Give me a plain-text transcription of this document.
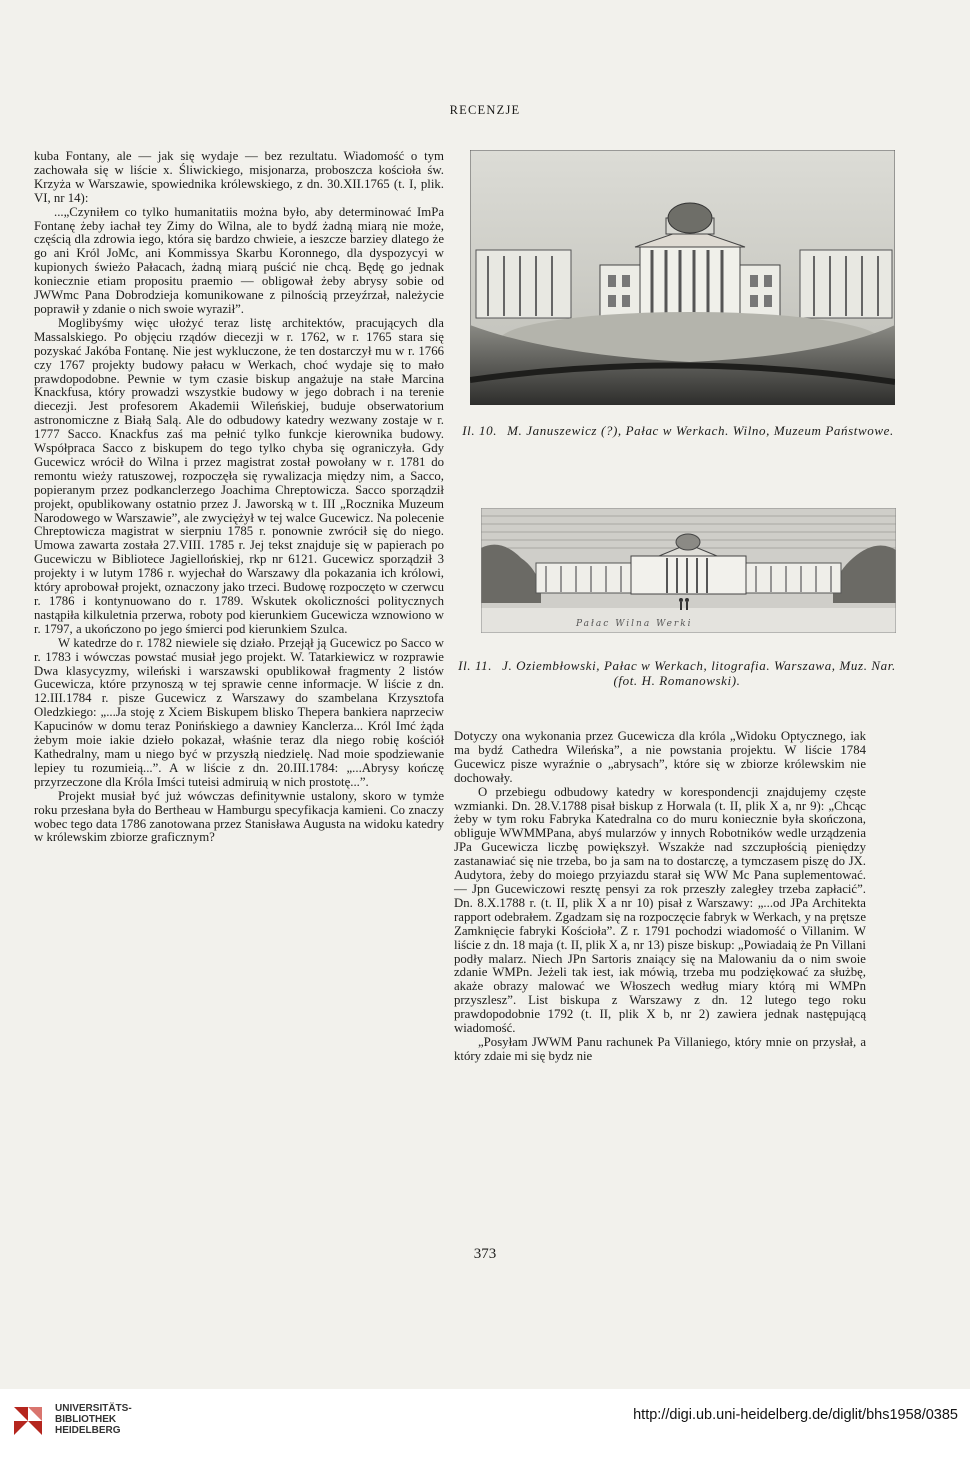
RECENZJE

kuba Fontany, ale — jak się wydaje — bez rezultatu. Wiadomość o tym zachowała się w liście x. Śliwickiego, misjonarza, proboszcza kościoła św. Krzyża w Warszawie, spowiednika królewskiego, z dn. 30.XII.1765 (t. I, plik. VI, nr 14):

...„Czyniłem co tylko humanitatiis można było, aby determinować ImPa Fontanę żeby iachał tey Zimy do Wilna, ale to bydź żadną miarą nie może, częścią dla zdrowia iego, która się bardzo chwieie, a ieszcze barziey dlatego że go ani Król JoMc, ani Kommissya Skarbu Koronnego, dla dyspozycyi w kupionych świeżo Pałacach, żadną miarą puścić nie chcą. Będę go jednak koniecznie etiam propositu praemio — obligował żeby abrysy sobie od JWWmc Pana Dobrodzieja komunikowane z pilnością przeyźrzał, należycie poprawił y zdanie o nich swoie wyraził”.

Moglibyśmy więc ułożyć teraz listę architektów, pracujących dla Massalskiego. Po objęciu rządów diecezji w r. 1762, w r. 1765 stara się pozyskać Jakóba Fontanę. Nie jest wykluczone, że ten dostarczył mu w r. 1766 czy 1767 projekty budowy pałacu w Werkach, choć wydaje się to mało prawdopodobne. Pewnie w tym czasie biskup angażuje na stałe Marcina Knackfusa, który prowadzi wszystkie budowy w jego dobrach i na terenie diecezji. Jest profesorem Akademii Wileńskiej, buduje obserwatorium astronomiczne z Białą Salą. Ale do odbudowy katedry wezwany zostaje w r. 1777 Sacco. Knackfus zaś ma pełnić tylko funkcje kierownika budowy. Współpraca Sacco z biskupem do tego tylko chyba się ograniczyła. Gdy Gucewicz wrócił do Wilna i przez magistrat został powołany w r. 1781 do remontu wieży ratuszowej, rozpoczęła się rywalizacja między nim, a Sacco, popieranym przez podkanclerzego Joachima Chreptowicza. Sacco sporządził projekt, opublikowany ostatnio przez J. Jaworską w t. III „Rocznika Muzeum Narodowego w Warszawie”, ale zwyciężył w tej walce Gucewicz. Na polecenie Chreptowicza magistrat w sierpniu 1785 r. ponownie zwrócił się do niego. Umowa zawarta została 27.VIII. 1785 r. Jej tekst znajduje się w papierach po Gucewiczu w Bibliotece Jagiellońskiej, rkp nr 6121. Gucewicz sporządził 3 projekty i w lutym 1786 r. wyjechał do Warszawy dla pokazania ich królowi, który aprobował projekt, oznaczony jako trzeci. Budowę rozpoczęto w czerwcu r. 1786 i kontynuowano do r. 1789. Wskutek okoliczności politycznych nastąpiła kilkuletnia przerwa, roboty pod kierunkiem Gucewicza wznowiono w r. 1797, a ukończono po jego śmierci pod kierunkiem Szulca.

W katedrze do r. 1782 niewiele się działo. Przejął ją Gucewicz po Sacco w r. 1783 i wówczas powstać musiał jego projekt. W. Tatarkiewicz w rozprawie Dwa klasycyzmy, wileński i warszawski opublikował fragmenty 2 listów Gucewicza, które przynoszą w tej sprawie cenne informacje. W liście z dn. 12.III.1784 r. pisze Gucewicz z Warszawy do szambelana Krzysztofa Oledzkiego: „...Ja stoję z Xciem Biskupem blisko Thepera bankiera naprzeciw Kapucinów w domu teraz Ponińskiego a dawniey Kanclerza... Król Imć żąda żebym moie iakie dzieło pokazał, właśnie teraz dla niego robię kościół Kathedralny, mam u niego być w przyszłą niedzielę. Nad moie spodziewanie lepiey tu rozumieią...”. A w liście z dn. 20.III.1784: „...Abrysy kończę przyrzeczone dla Króla Imści tuteisi admiruią w nich prostotę...”.

Projekt musiał być już wówczas definitywnie ustalony, skoro w tymże roku przesłana była do Bertheau w Hamburgu specyfikacja kamieni. Co znaczy wobec tego data 1786 zanotowana przez Stanisława Augusta na widoku katedry w królewskim zbiorze graficznym?

Il. 10. M. Januszewicz (?), Pałac w Werkach. Wilno, Muzeum Państwowe.
Pałac Wilna Werki
Il. 11. J. Oziembłowski, Pałac w Werkach, litografia. Warszawa, Muz. Nar. (fot. H. Romanowski).

Dotyczy ona wykonania przez Gucewicza dla króla „Widoku Optycznego, iak ma bydź Cathedra Wileńska”, a nie powstania projektu. W liście 1784 Gucewicz pisze wyraźnie o „abrysach”, które się w zbiorze królewskim nie dochowały.

O przebiegu odbudowy katedry w korespondencji znajdujemy częste wzmianki. Dn. 28.V.1788 pisał biskup z Horwala (t. II, plik X a, nr 9): „Chcąc żeby w tym roku Fabryka Katedralna co do muru koniecznie była skończona, obliguje WWMMPana, abyś mularzów y innych Robotników wedle urządzenia JPa Gucewicza liczbę powiększył. Wszakże nad szczupłością pieniędzy zastanawiać się nie trzeba, bo ja sam na to dostarczę, a tymczasem piszę do JX. Audytora, żeby do moiego przyiazdu starał się WW Mc Pana suplementować. — Jpn Gucewiczowi resztę pensyi za rok przeszły zaległey trzeba zapłacić”. Dn. 8.X.1788 r. (t. II, plik X a nr 10) pisał z Warszawy: „...od JPa Architekta rapport odebrałem. Zgadzam się na rozpoczęcie fabryk w Werkach, y na prętsze Zamknięcie fabryki Kościoła”. Z r. 1791 pochodzi wiadomość o Villanim. W liście z dn. 18 maja (t. II, plik X a, nr 13) pisze biskup: „Powiadaią że Pn Villani podły malarz. Niech JPn Sartoris znaiący się na Malowaniu da o nim swoie zdanie WMPn. Jeżeli tak iest, iak mówią, trzeba mu podziękować za służbę, akaże obrazy malować we Włoszech według miary którą mi WMPn przyszlesz”. List biskupa z Warszawy z dn. 12 lutego tego roku prawdopodobnie 1792 (t. II, plik X b, nr 2) zawiera jednak następującą wiadomość.

„Posyłam JWWM Panu rachunek Pa Villaniego, który mnie on przysłał, a który zdaie mi się bydz nie

373
UNIVERSITÄTS-
BIBLIOTHEK
HEIDELBERG
http://digi.ub.uni-heidelberg.de/diglit/bhs1958/0385
